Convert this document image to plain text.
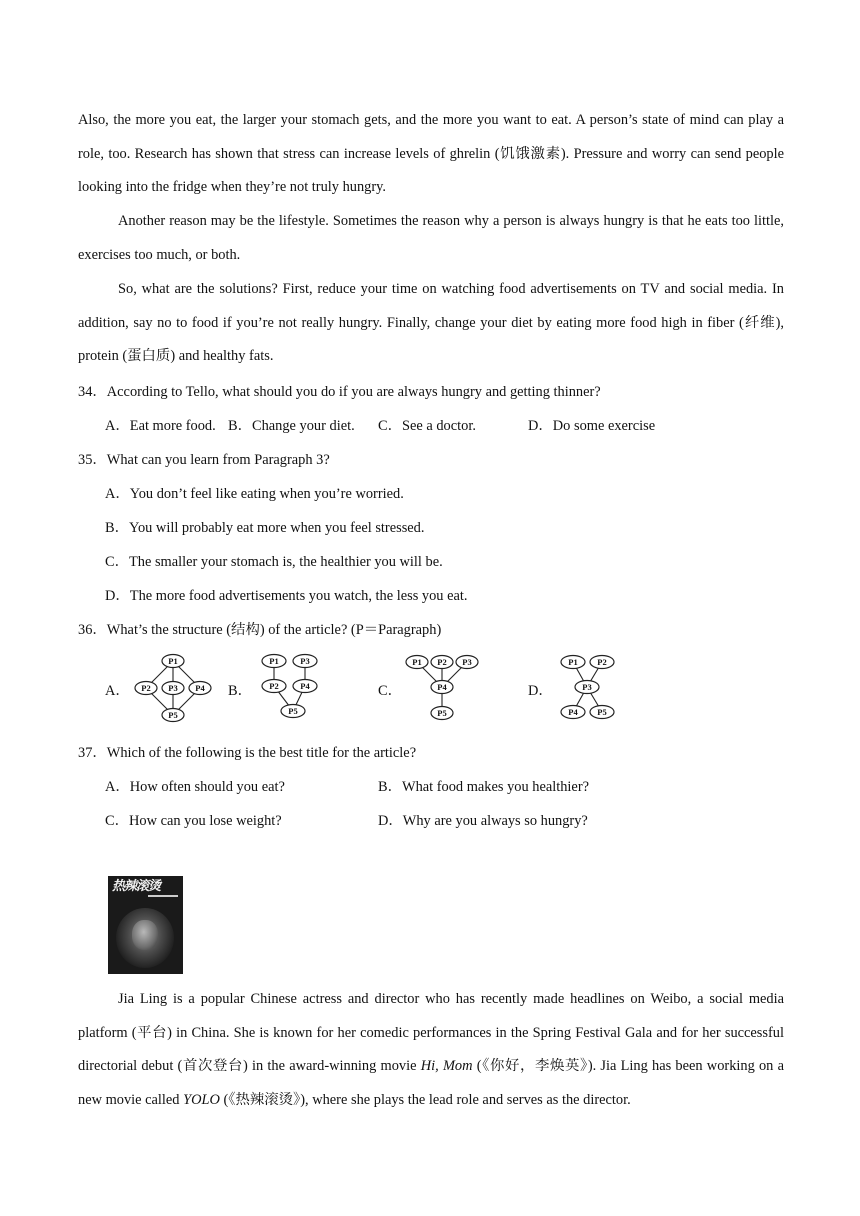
Also, the more you eat, the larger your stomach gets, and the more you want to eat. A person’s state of mind can play a role, too. Research has shown that stress can increase levels of ghrelin (饥饿激素). Pressure and worry can send people looking into the fridge when they’re not truly hungry.

Another reason may be the lifestyle. Sometimes the reason why a person is always hungry is that he eats too little, exercises too much, or both.

So, what are the solutions? First, reduce your time on watching food advertisements on TV and social media. In addition, say no to food if you’re not really hungry. Finally, change your diet by eating more food high in fiber (纤维), protein (蛋白质) and healthy fats.

34．According to Tello, what should you do if you are always hungry and getting thinner?
A．Eat more food. B．Change your diet. C．See a doctor.	D．Do some exercise
35．What can you learn from Paragraph 3?
A．You don’t feel like eating when you’re worried.
B．You will probably eat more when you feel stressed.
C．The smaller your stomach is, the healthier you will be.
D．The more food advertisements you watch, the less you eat.
36．What’s the structure (结构) of the article? (P＝Paragraph)
A．
P1
P2 P3 P4
P5
B．
P1	P3
P2	P4
P5
C．
P1 P2 P3
P4
P5
D．
P1 P2
P3
P4 P5
37．Which of the following is the best title for the article?
A．How often should you eat?	B．What food makes you healthier?
C．How can you lose weight?	D．Why are you always so hungry?
热辣滚烫

Jia Ling is a popular Chinese actress and director who has recently made headlines on Weibo, a social media platform (平台) in China. She is known for her comedic performances in the Spring Festival Gala and for her successful directorial debut (首次登台) in the award-winning movie Hi, Mom (《你好，李焕英》). Jia Ling has been working on a new movie called YOLO (《热辣滚烫》), where she plays the lead role and serves as the director.
